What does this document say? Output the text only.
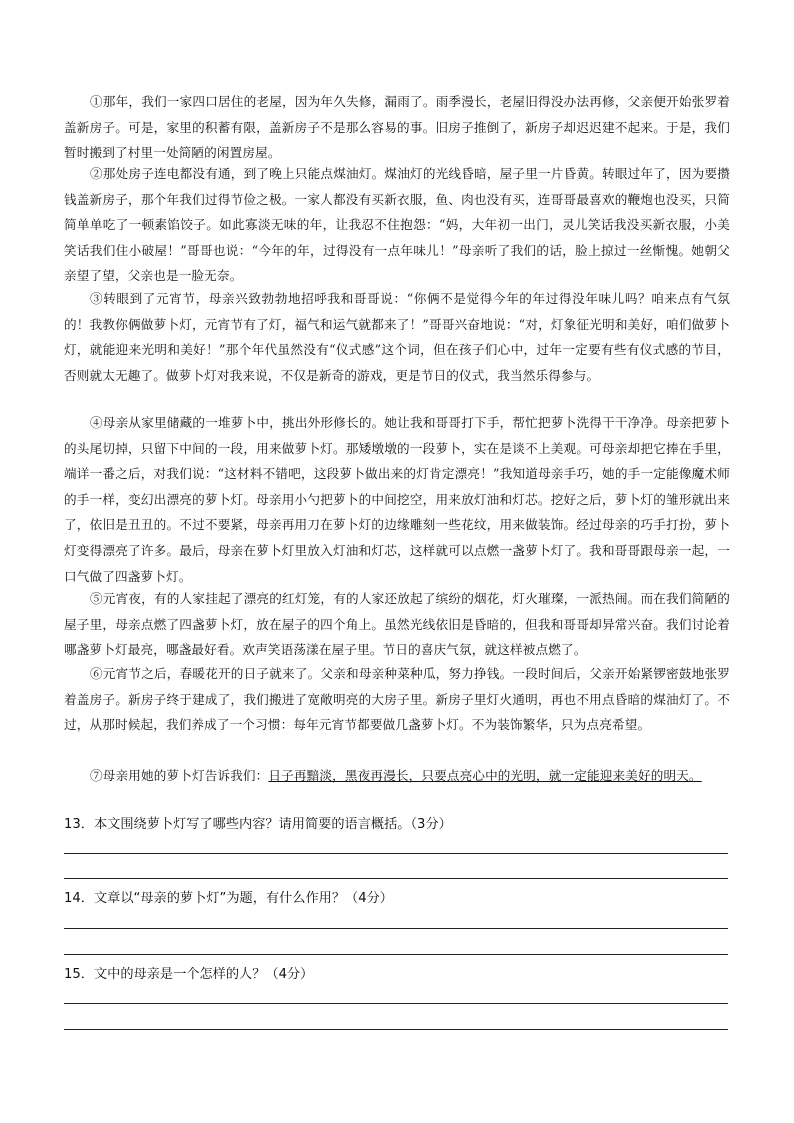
①那年，我们一家四口居住的老屋，因为年久失修，漏雨了。雨季漫长，老屋旧得没办法再修，父亲便开始张罗着盖新房子。可是，家里的积蓄有限，盖新房子不是那么容易的事。旧房子推倒了，新房子却迟迟建不起来。于是，我们暂时搬到了村里一处简陋的闲置房屋。
②那处房子连电都没有通，到了晚上只能点煤油灯。煤油灯的光线昏暗，屋子里一片昏黄。转眼过年了，因为要攒钱盖新房子，那个年我们过得节俭之极。一家人都没有买新衣服，鱼、肉也没有买，连哥哥最喜欢的鞭炮也没买，只简简单单吃了一顿素馅饺子。如此寡淡无味的年，让我忍不住抱怨：“妈，大年初一出门，灵儿笑话我没买新衣服，小美笑话我们住小破屋！”哥哥也说：“今年的年，过得没有一点年味儿！”母亲听了我们的话，脸上掠过一丝惭愧。她朝父亲望了望，父亲也是一脸无奈。
③转眼到了元宵节，母亲兴致勃勃地招呼我和哥哥说：“你俩不是觉得今年的年过得没年味儿吗？咱来点有气氛的！我教你俩做萝卜灯，元宵节有了灯，福气和运气就都来了！”哥哥兴奋地说：“对，灯象征光明和美好，咱们做萝卜灯，就能迎来光明和美好！”那个年代虽然没有“仪式感”这个词，但在孩子们心中，过年一定要有些有仪式感的节目，否则就太无趣了。做萝卜灯对我来说，不仅是新奇的游戏，更是节日的仪式，我当然乐得参与。
④母亲从家里储藏的一堆萝卜中，挑出外形修长的。她让我和哥哥打下手，帮忙把萝卜洗得干干净净。母亲把萝卜的头尾切掉，只留下中间的一段，用来做萝卜灯。那矮墩墩的一段萝卜，实在是谈不上美观。可母亲却把它捧在手里，端详一番之后，对我们说：“这材料不错吧，这段萝卜做出来的灯肯定漂亮！”我知道母亲手巧，她的手一定能像魔术师的手一样，变幻出漂亮的萝卜灯。母亲用小勺把萝卜的中间挖空，用来放灯油和灯芯。挖好之后，萝卜灯的雏形就出来了，依旧是丑丑的。不过不要紧，母亲再用刀在萝卜灯的边缘雕刻一些花纹，用来做装饰。经过母亲的巧手打扮，萝卜灯变得漂亮了许多。最后，母亲在萝卜灯里放入灯油和灯芯，这样就可以点燃一盏萝卜灯了。我和哥哥跟母亲一起，一口气做了四盏萝卜灯。
⑤元宵夜，有的人家挂起了漂亮的红灯笼，有的人家还放起了缤纷的烟花，灯火璀璨，一派热闹。而在我们简陋的屋子里，母亲点燃了四盏萝卜灯，放在屋子的四个角上。虽然光线依旧是昏暗的，但我和哥哥却异常兴奋。我们讨论着哪盏萝卜灯最亮，哪盏最好看。欢声笑语荡漾在屋子里。节日的喜庆气氛，就这样被点燃了。
⑥元宵节之后，春暖花开的日子就来了。父亲和母亲种菜种瓜，努力挣钱。一段时间后，父亲开始紧锣密鼓地张罗着盖房子。新房子终于建成了，我们搬进了宽敞明亮的大房子里。新房子里灯火通明，再也不用点昏暗的煤油灯了。不过，从那时候起，我们养成了一个习惯：每年元宵节都要做几盏萝卜灯。不为装饰繁华，只为点亮希望。
⑦母亲用她的萝卜灯告诉我们：日子再黯淡，黑夜再漫长，只要点亮心中的光明，就一定能迎来美好的明天。
13．本文围绕萝卜灯写了哪些内容？请用简要的语言概括。（3分）
14．文章以“母亲的萝卜灯”为题，有什么作用？（4分）
15．文中的母亲是一个怎样的人？（4分）
